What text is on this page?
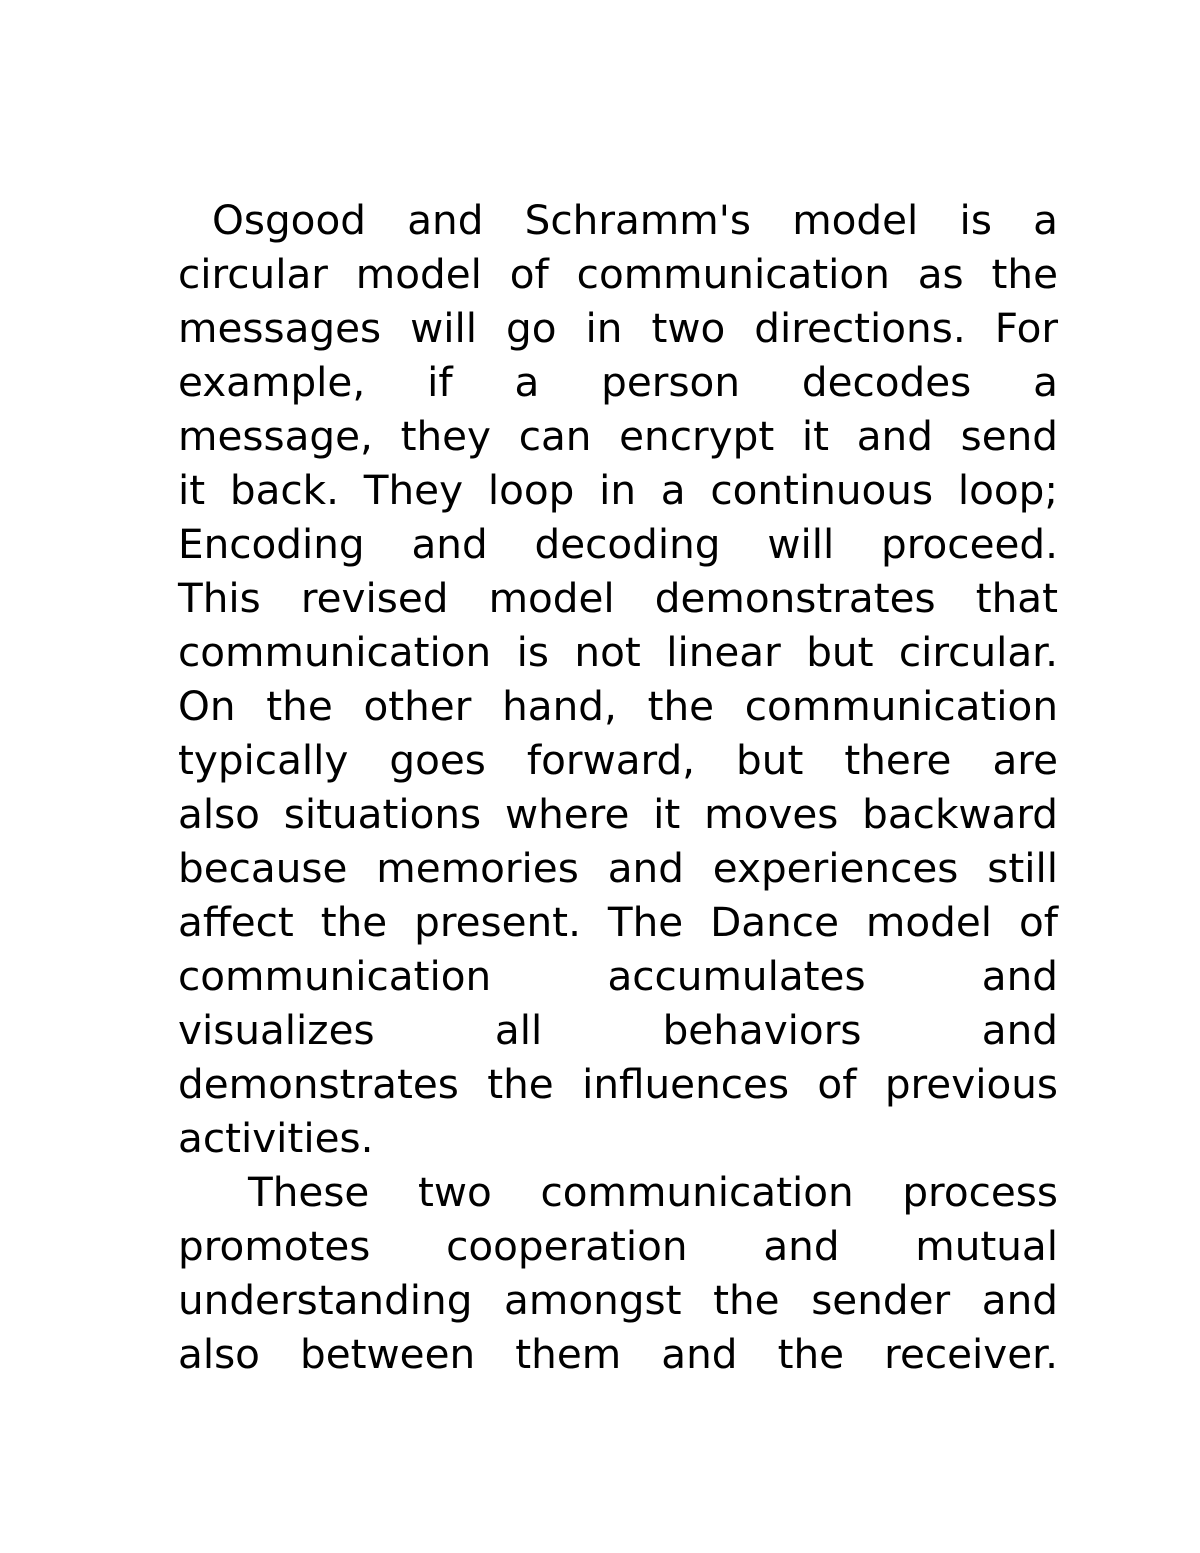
Osgood and Schramm's model is a
circular model of communication as the
messages will go in two directions. For
example, if a person decodes a
message, they can encrypt it and send
it back. They loop in a continuous loop;
Encoding and decoding will proceed.
This revised model demonstrates that
communication is not linear but circular.
On the other hand, the communication
typically goes forward, but there are
also situations where it moves backward
because memories and experiences still
affect the present. The Dance model of
communication accumulates and
visualizes all behaviors and
demonstrates the influences of previous
activities.
These two communication process
promotes cooperation and mutual
understanding amongst the sender and
also between them and the receiver.
